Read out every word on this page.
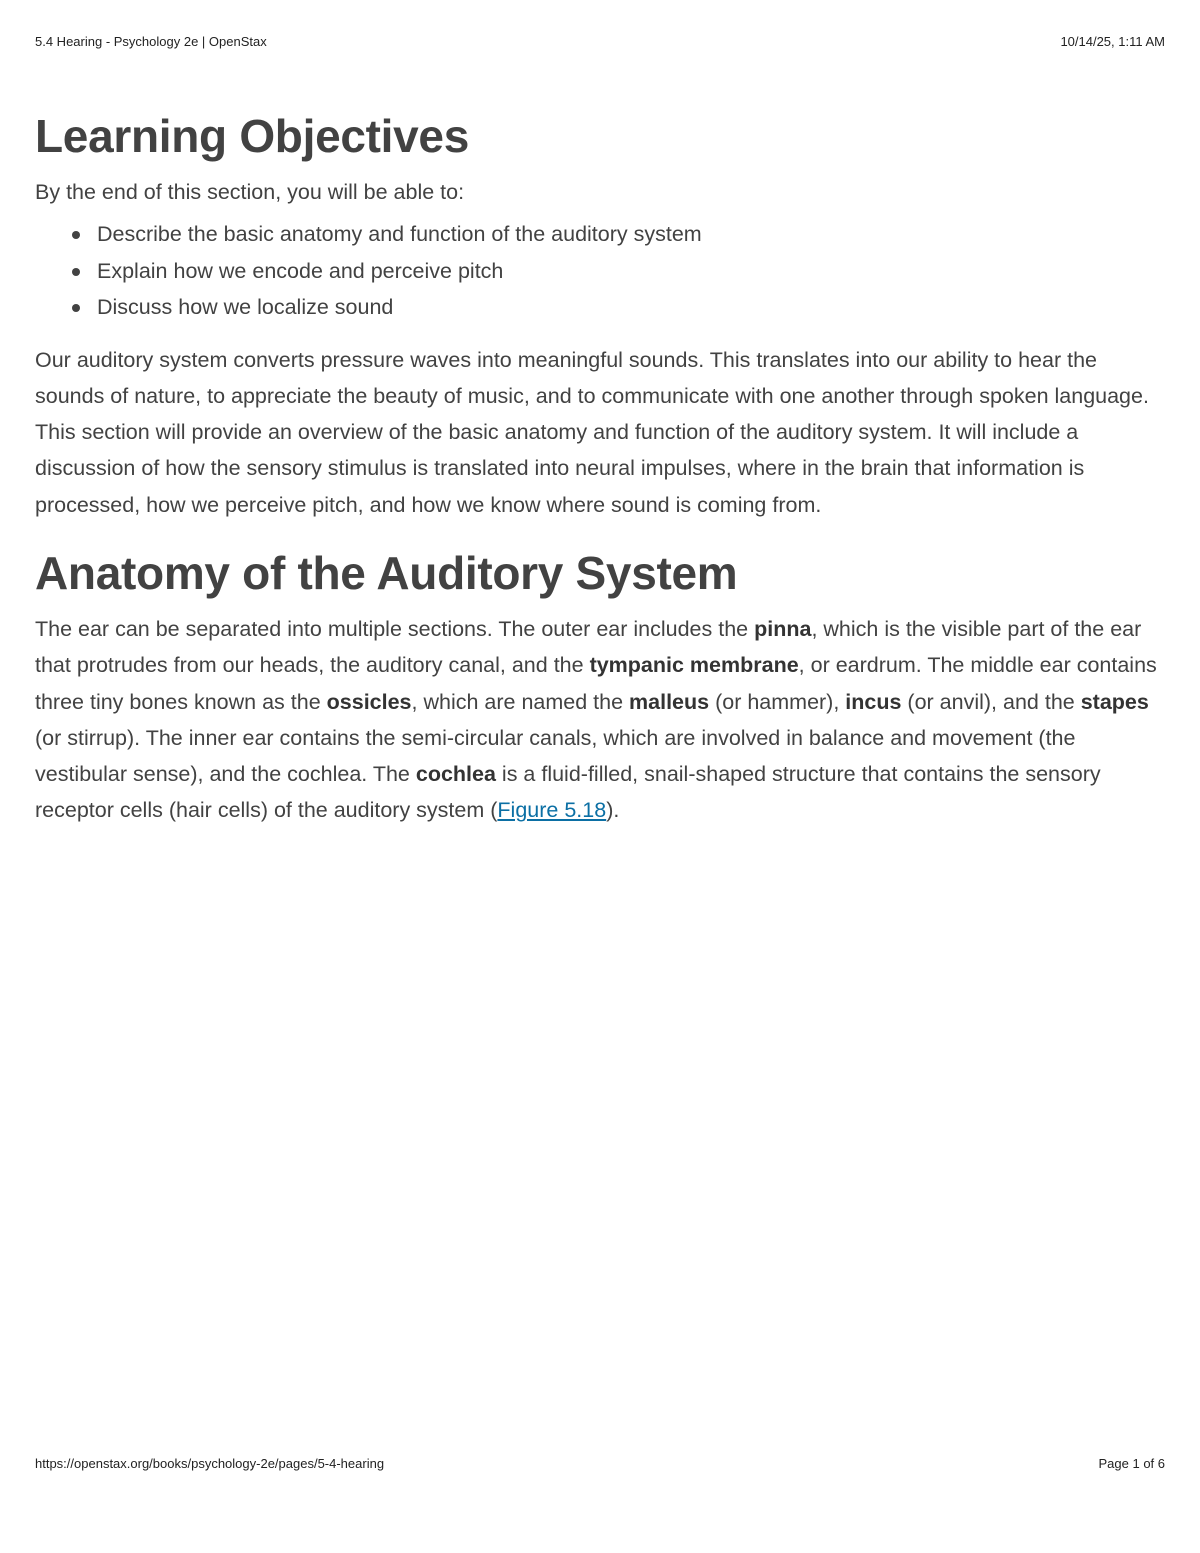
5.4 Hearing - Psychology 2e | OpenStax	10/14/25, 1:11 AM
Learning Objectives

By the end of this section, you will be able to:

Describe the basic anatomy and function of the auditory system
Explain how we encode and perceive pitch
Discuss how we localize sound

Our auditory system converts pressure waves into meaningful sounds. This translates into our ability to hear the sounds of nature, to appreciate the beauty of music, and to communicate with one another through spoken language. This section will provide an overview of the basic anatomy and function of the auditory system. It will include a discussion of how the sensory stimulus is translated into neural impulses, where in the brain that information is processed, how we perceive pitch, and how we know where sound is coming from.

Anatomy of the Auditory System

The ear can be separated into multiple sections. The outer ear includes the pinna, which is the visible part of the ear that protrudes from our heads, the auditory canal, and the tympanic membrane, or eardrum. The middle ear contains three tiny bones known as the ossicles, which are named the malleus (or hammer), incus (or anvil), and the stapes (or stirrup). The inner ear contains the semi-circular canals, which are involved in balance and movement (the vestibular sense), and the cochlea. The cochlea is a fluid-filled, snail-shaped structure that contains the sensory receptor cells (hair cells) of the auditory system (Figure 5.18).

https://openstax.org/books/psychology-2e/pages/5-4-hearing	Page 1 of 6
